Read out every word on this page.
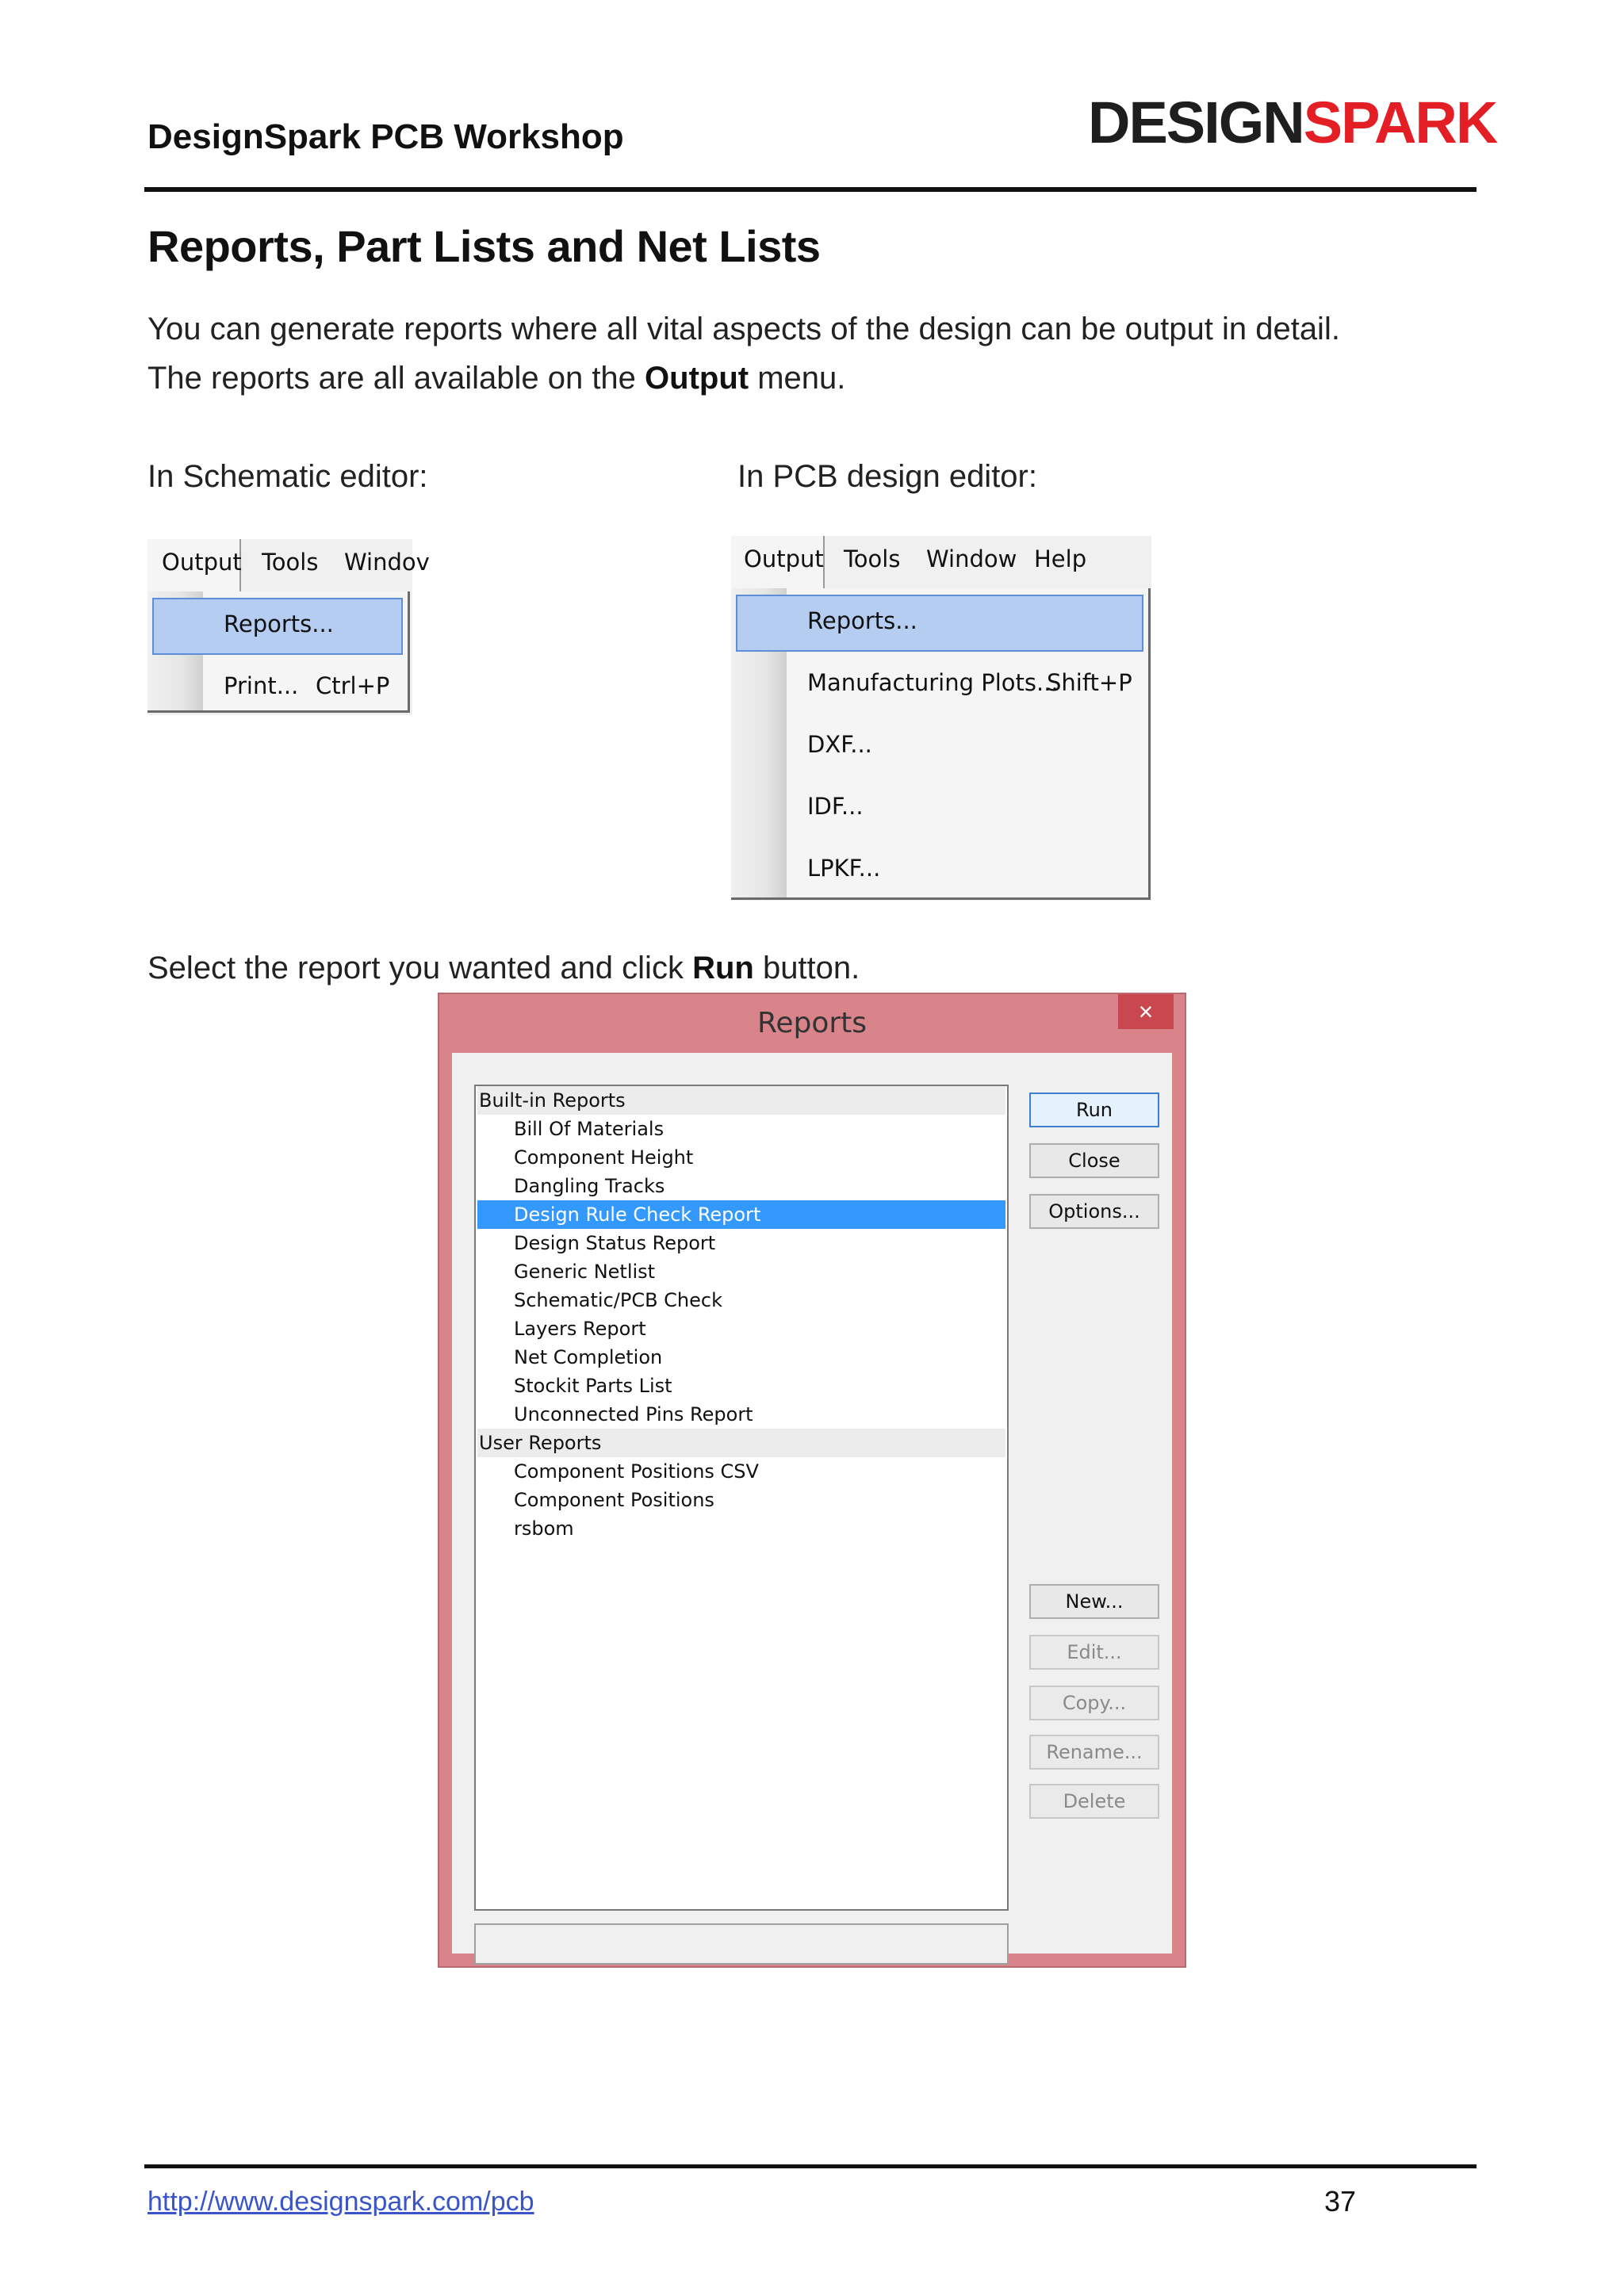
DesignSpark PCB Workshop	DESIGNSPARK
Reports, Part Lists and Net Lists
You can generate reports where all vital aspects of the design can be output in detail.
The reports are all available on the Output menu.
In Schematic editor:	In PCB design editor:
Output Tools Windov
Reports...
Print... Ctrl+P
Output Tools Window Help
Reports...
Manufacturing Plots...
Shift+P
DXF...
IDF...
LPKF...
Select the report you wanted and click Run button.
Reports	×
Built-in Reports
Bill Of Materials
Component Height
Dangling Tracks
Design Rule Check Report
Design Status Report
Generic Netlist
Schematic/PCB Check
Layers Report
Net Completion
Stockit Parts List
Unconnected Pins Report
User Reports
Component Positions CSV
Component Positions
rsbom
Run
Close
Options...
New...
Edit...
Copy...
Rename...
Delete
http://www.designspark.com/pcb	37
